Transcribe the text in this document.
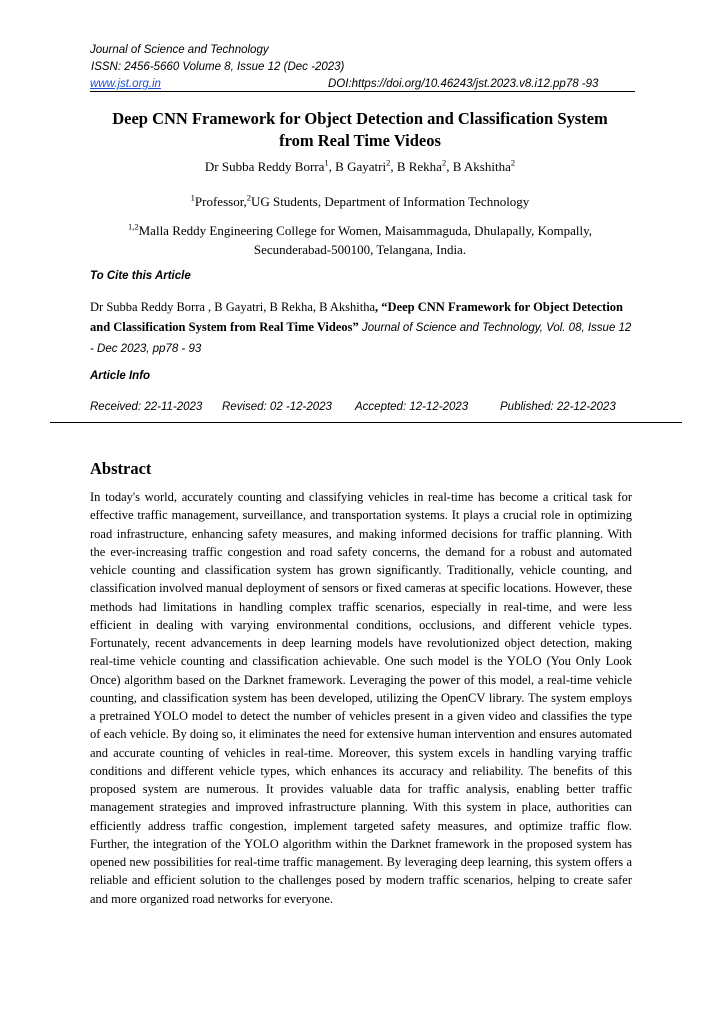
Journal of Science and Technology
ISSN: 2456-5660 Volume 8, Issue 12 (Dec -2023)
www.jst.org.in	DOI:https://doi.org/10.46243/jst.2023.v8.i12.pp78 -93
Deep CNN Framework for Object Detection and Classification System
from Real Time Videos
Dr Subba Reddy Borra$^1$, B Gayatri$^2$, B Rekha$^2$, B Akshitha$^2$
$^1$Professor,$^2$UG Students, Department of Information Technology
$^{1,2}$Malla Reddy Engineering College for Women, Maisammaguda, Dhulapally, Kompally,
Secunderabad-500100, Telangana, India.
To Cite this Article
Dr Subba Reddy Borra , B Gayatri, B Rekha, B Akshitha, “Deep CNN Framework for Object Detection and Classification System from Real Time Videos” Journal of Science and Technology, Vol. 08, Issue 12 - Dec 2023, pp78 - 93
Article Info
Received: 22-11-2023 Revised: 02 -12-2023 Accepted: 12-12-2023	Published: 22-12-2023
Abstract
In today's world, accurately counting and classifying vehicles in real-time has become a critical task for effective traffic management, surveillance, and transportation systems. It plays a crucial role in optimizing road infrastructure, enhancing safety measures, and making informed decisions for traffic planning. With the ever-increasing traffic congestion and road safety concerns, the demand for a robust and automated vehicle counting and classification system has grown significantly. Traditionally, vehicle counting, and classification involved manual deployment of sensors or fixed cameras at specific locations. However, these methods had limitations in handling complex traffic scenarios, especially in real-time, and were less efficient in dealing with varying environmental conditions, occlusions, and different vehicle types. Fortunately, recent advancements in deep learning models have revolutionized object detection, making real-time vehicle counting and classification achievable. One such model is the YOLO (You Only Look Once) algorithm based on the Darknet framework. Leveraging the power of this model, a real-time vehicle counting, and classification system has been developed, utilizing the OpenCV library. The system employs a pretrained YOLO model to detect the number of vehicles present in a given video and classifies the type of each vehicle. By doing so, it eliminates the need for extensive human intervention and ensures automated and accurate counting of vehicles in real-time. Moreover, this system excels in handling varying traffic conditions and different vehicle types, which enhances its accuracy and reliability. The benefits of this proposed system are numerous. It provides valuable data for traffic analysis, enabling better traffic management strategies and improved infrastructure planning. With this system in place, authorities can efficiently address traffic congestion, implement targeted safety measures, and optimize traffic flow. Further, the integration of the YOLO algorithm within the Darknet framework in the proposed system has opened new possibilities for real-time traffic management. By leveraging deep learning, this system offers a reliable and efficient solution to the challenges posed by modern traffic scenarios, helping to create safer and more organized road networks for everyone.
